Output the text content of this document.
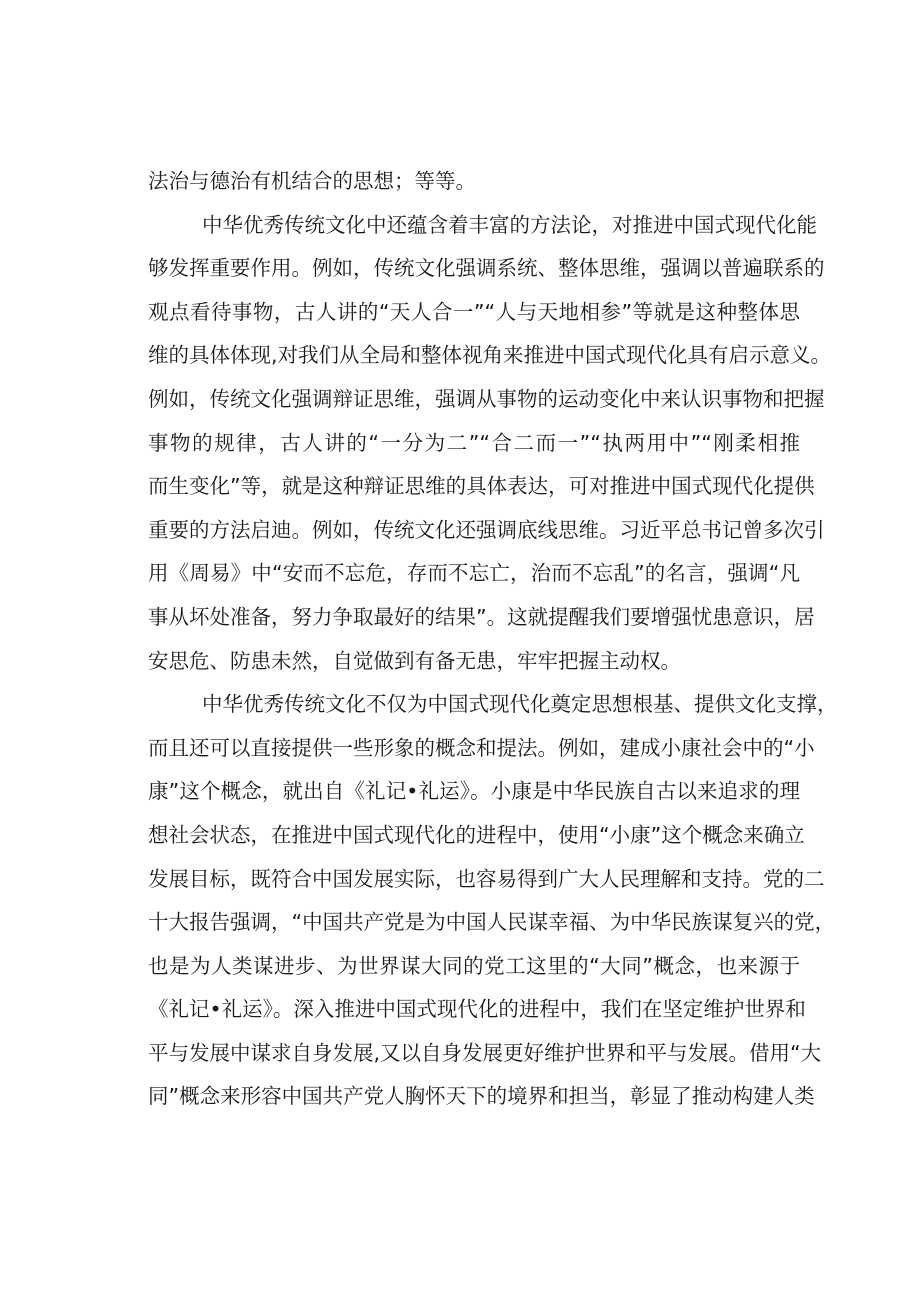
法治与德治有机结合的思想；等等。
中华优秀传统文化中还蕴含着丰富的方法论，对推进中国式现代化能
够发挥重要作用。例如，传统文化强调系统、整体思维，强调以普遍联系的
观点看待事物，古人讲的“天人合一”“人与天地相参”等就是这种整体思
维的具体体现,对我们从全局和整体视角来推进中国式现代化具有启示意义。
例如，传统文化强调辩证思维，强调从事物的运动变化中来认识事物和把握
事物的规律，古人讲的“一分为二”“合二而一”“执两用中”“刚柔相推
而生变化”等，就是这种辩证思维的具体表达，可对推进中国式现代化提供
重要的方法启迪。例如，传统文化还强调底线思维。习近平总书记曾多次引
用《周易》中“安而不忘危，存而不忘亡，治而不忘乱”的名言，强调“凡
事从坏处准备，努力争取最好的结果”。这就提醒我们要增强忧患意识，居
安思危、防患未然，自觉做到有备无患，牢牢把握主动权。
中华优秀传统文化不仅为中国式现代化奠定思想根基、提供文化支撑，
而且还可以直接提供一些形象的概念和提法。例如，建成小康社会中的“小
康”这个概念，就出自《礼记•礼运》。小康是中华民族自古以来追求的理
想社会状态，在推进中国式现代化的进程中，使用“小康”这个概念来确立
发展目标，既符合中国发展实际，也容易得到广大人民理解和支持。党的二
十大报告强调，“中国共产党是为中国人民谋幸福、为中华民族谋复兴的党，
也是为人类谋进步、为世界谋大同的党工这里的“大同”概念，也来源于
《礼记•礼运》。深入推进中国式现代化的进程中，我们在坚定维护世界和
平与发展中谋求自身发展,又以自身发展更好维护世界和平与发展。借用“大
同”概念来形容中国共产党人胸怀天下的境界和担当，彰显了推动构建人类
